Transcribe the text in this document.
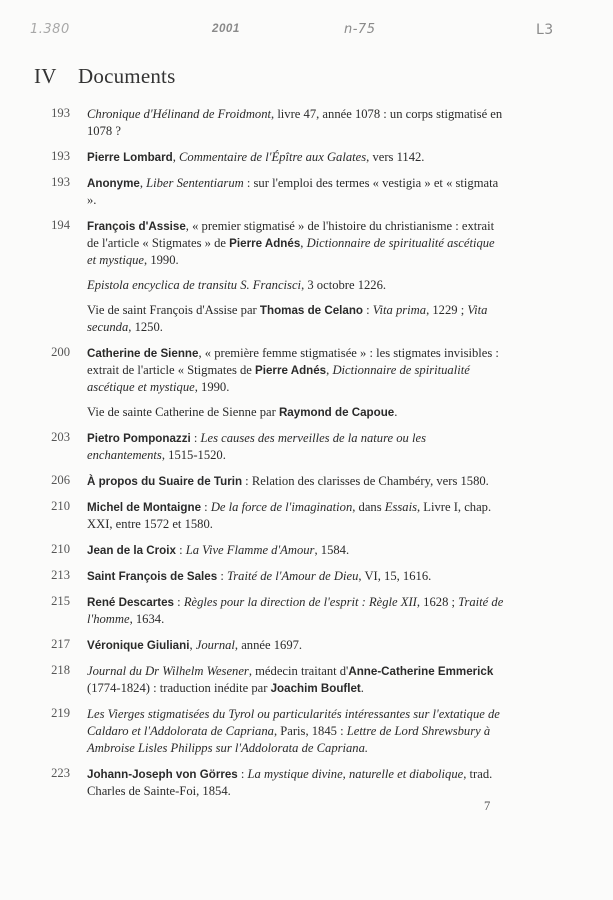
1.380	2001	n-75	L3
IV Documents
193 Chronique d'Hélinand de Froidmont, livre 47, année 1078 : un corps stigmatisé en 1078 ?
193 Pierre Lombard, Commentaire de l'Épître aux Galates, vers 1142.
193 Anonyme, Liber Sententiarum : sur l'emploi des termes « vestigia » et « stigmata ».
194 François d'Assise, « premier stigmatisé » de l'histoire du christianisme : extrait de l'article « Stigmates » de Pierre Adnés, Dictionnaire de spiritualité ascétique et mystique, 1990.
Epistola encyclica de transitu S. Francisci, 3 octobre 1226.
Vie de saint François d'Assise par Thomas de Celano : Vita prima, 1229 ; Vita secunda, 1250.
200 Catherine de Sienne, « première femme stigmatisée » : les stigmates invisibles :
extrait de l'article « Stigmates de Pierre Adnés, Dictionnaire de spiritualité ascétique et mystique, 1990.
Vie de sainte Catherine de Sienne par Raymond de Capoue.
203 Pietro Pomponazzi : Les causes des merveilles de la nature ou les enchantements, 1515-1520.
206 À propos du Suaire de Turin : Relation des clarisses de Chambéry, vers 1580.
210 Michel de Montaigne : De la force de l'imagination, dans Essais, Livre I, chap. XXI, entre 1572 et 1580.
210 Jean de la Croix : La Vive Flamme d'Amour, 1584.
213 Saint François de Sales : Traité de l'Amour de Dieu, VI, 15, 1616.
215 René Descartes : Règles pour la direction de l'esprit : Règle XII, 1628 ; Traité de l'homme, 1634.
217 Véronique Giuliani, Journal, année 1697.
218 Journal du Dr Wilhelm Wesener, médecin traitant d'Anne-Catherine Emmerick (1774-1824) : traduction inédite par Joachim Bouflet.
219 Les Vierges stigmatisées du Tyrol ou particularités intéressantes sur l'extatique de Caldaro et l'Addolorata de Capriana, Paris, 1845 : Lettre de Lord Shrewsbury à Ambroise Lisles Philipps sur l'Addolorata de Capriana.
223 Johann-Joseph von Görres : La mystique divine, naturelle et diabolique, trad. Charles de Sainte-Foi, 1854.
7
